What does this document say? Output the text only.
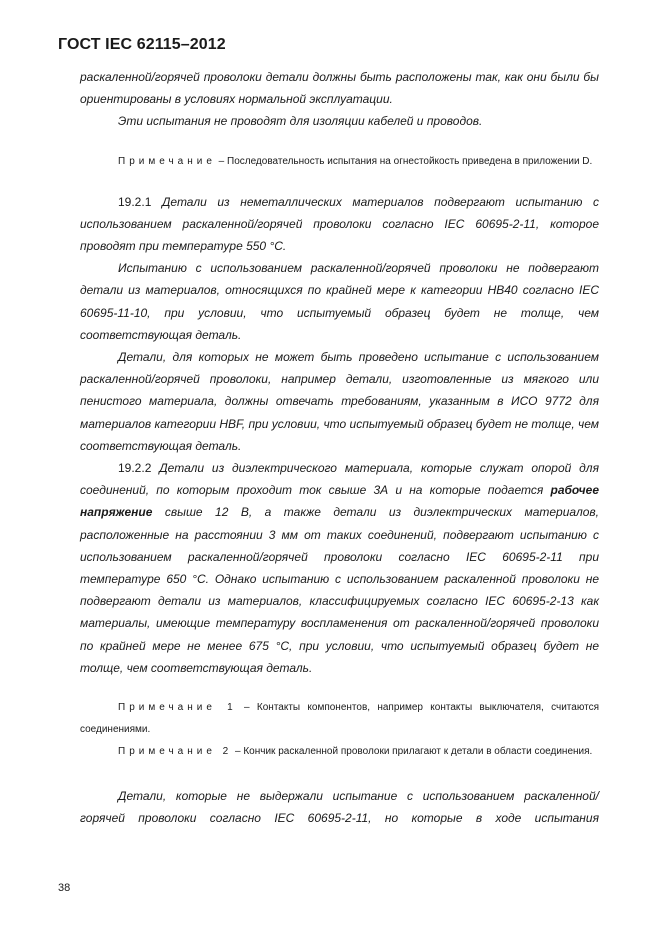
ГОСТ IEC 62115–2012

раскаленной/горячей проволоки детали должны быть расположены так, как они были бы ориентированы в условиях нормальной эксплуатации.

Эти испытания не проводят для изоляции кабелей и проводов.

Примечание – Последовательность испытания на огнестойкость приведена в приложении D.

19.2.1 Детали из неметаллических материалов подвергают испытанию с использованием раскаленной/горячей проволоки согласно IEC 60695-2-11, которое проводят при температуре 550 °С.

Испытанию с использованием раскаленной/горячей проволоки не подвергают детали из материалов, относящихся по крайней мере к категории HB40 согласно IEC 60695-11-10, при условии, что испытуемый образец будет не толще, чем соответствующая деталь.

Детали, для которых не может быть проведено испытание с использованием раскаленной/горячей проволоки, например детали, изготовленные из мягкого или пенистого материала, должны отвечать требованиям, указанным в ИСО 9772 для материалов категории HBF, при условии, что испытуемый образец будет не толще, чем соответствующая деталь.

19.2.2 Детали из диэлектрического материала, которые служат опорой для соединений, по которым проходит ток свыше 3А и на которые подается рабочее напряжение свыше 12 В, а также детали из диэлектрических материалов, расположенные на расстоянии 3 мм от таких соединений, подвергают испытанию с использованием раскаленной/горячей проволоки согласно IEC 60695-2-11 при температуре 650 °С. Однако испытанию с использованием раскаленной проволоки не подвергают детали из материалов, классифицируемых согласно IEC 60695-2-13 как материалы, имеющие температуру воспламенения от раскаленной/горячей проволоки по крайней мере не менее 675 °С, при условии, что испытуемый образец будет не толще, чем соответствующая деталь.

Примечание 1 – Контакты компонентов, например контакты выключателя, считаются соединениями.

Примечание 2 – Кончик раскаленной проволоки прилагают к детали в области соединения.

Детали, которые не выдержали испытание с использованием раскаленной/горячей проволоки согласно IEC 60695-2-11, но которые в ходе испытания

38
